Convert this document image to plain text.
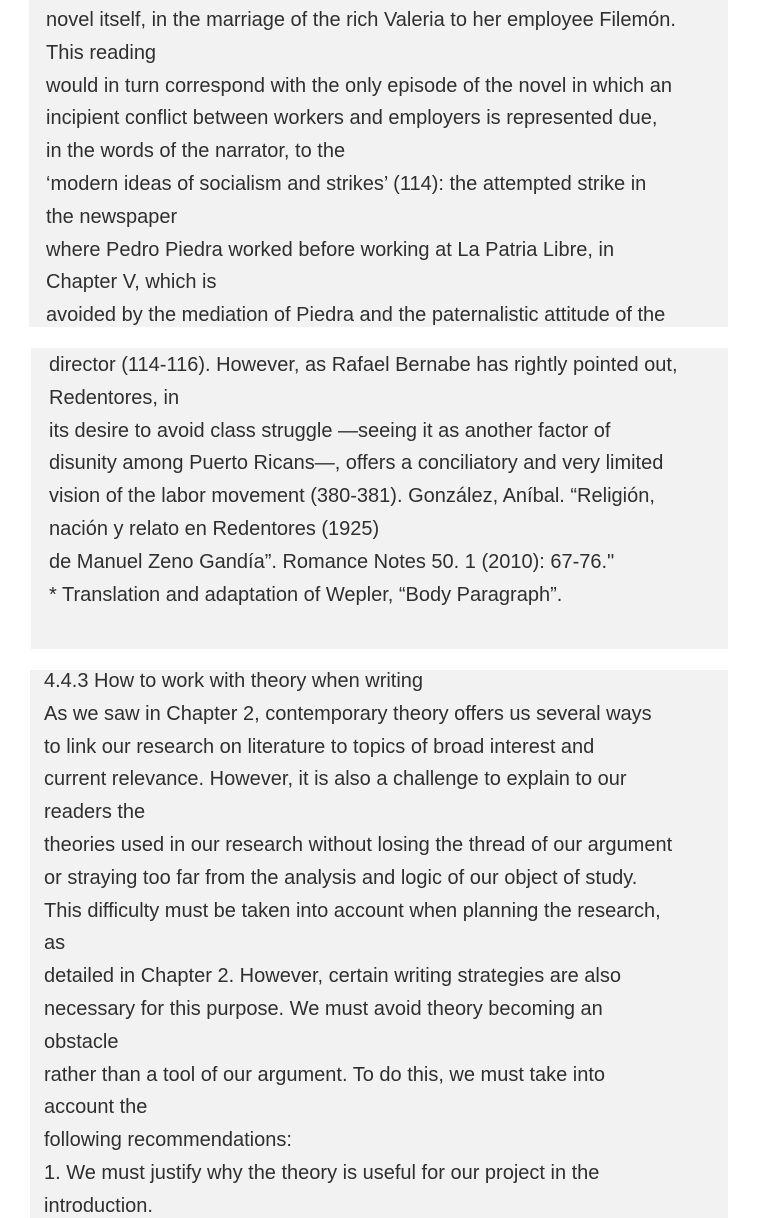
novel itself, in the marriage of the rich Valeria to her employee Filemón.
This reading
would in turn correspond with the only episode of the novel in which an
incipient conflict between workers and employers is represented due,
in the words of the narrator, to the
‘modern ideas of socialism and strikes’ (114): the attempted strike in
the newspaper
where Pedro Piedra worked before working at La Patria Libre, in
Chapter V, which is
avoided by the mediation of Piedra and the paternalistic attitude of the
director (114-116). However, as Rafael Bernabe has rightly pointed out,
Redentores, in
its desire to avoid class struggle —seeing it as another factor of
disunity among Puerto Ricans—, offers a conciliatory and very limited
vision of the labor movement (380-381). González, Aníbal. “Religión,
nación y relato en Redentores (1925)
de Manuel Zeno Gandía”. Romance Notes 50. 1 (2010): 67-76."
* Translation and adaptation of Wepler, “Body Paragraph”.
4.4.3 How to work with theory when writing
As we saw in Chapter 2, contemporary theory offers us several ways
to link our research on literature to topics of broad interest and
current relevance. However, it is also a challenge to explain to our
readers the
theories used in our research without losing the thread of our argument
or straying too far from the analysis and logic of our object of study.
This difficulty must be taken into account when planning the research,
as
detailed in Chapter 2. However, certain writing strategies are also
necessary for this purpose. We must avoid theory becoming an
obstacle
rather than a tool of our argument. To do this, we must take into
account the
following recommendations:
1. We must justify why the theory is useful for our project in the
introduction.
